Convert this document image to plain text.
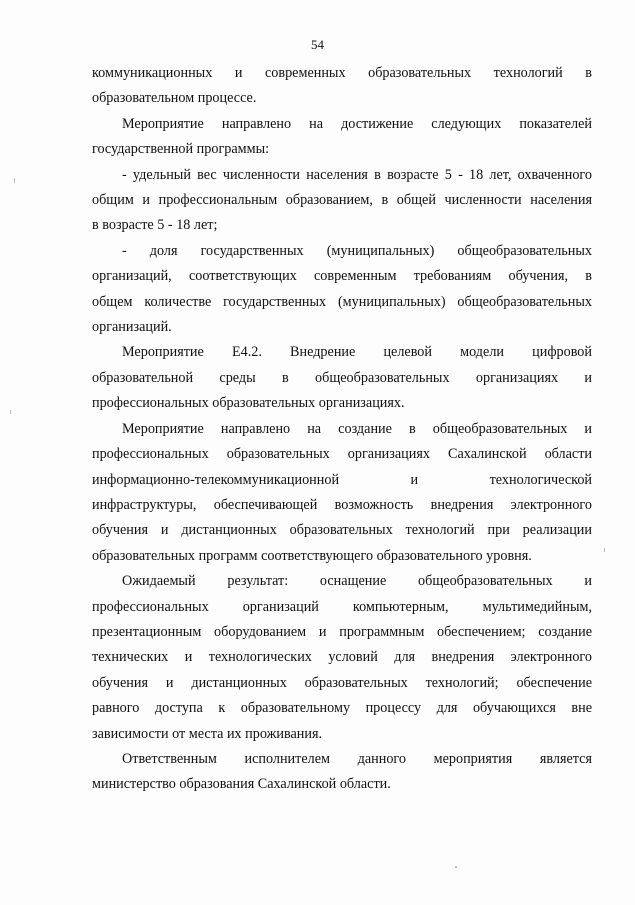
54

коммуникационных и современных образовательных технологий в
образовательном процессе.

Мероприятие направлено на достижение следующих показателей
государственной программы:

- удельный вес численности населения в возрасте 5 - 18 лет, охваченного
общим и профессиональным образованием, в общей численности населения
в возрасте 5 - 18 лет;

- доля государственных (муниципальных) общеобразовательных
организаций, соответствующих современным требованиям обучения, в
общем количестве государственных (муниципальных) общеобразовательных
организаций.

Мероприятие Е4.2. Внедрение целевой модели цифровой
образовательной среды в общеобразовательных организациях и
профессиональных образовательных организациях.

Мероприятие направлено на создание в общеобразовательных и
профессиональных образовательных организациях Сахалинской области
информационно-телекоммуникационной и технологической
инфраструктуры, обеспечивающей возможность внедрения электронного
обучения и дистанционных образовательных технологий при реализации
образовательных программ соответствующего образовательного уровня.

Ожидаемый результат: оснащение общеобразовательных и
профессиональных организаций компьютерным, мультимедийным,
презентационным оборудованием и программным обеспечением; создание
технических и технологических условий для внедрения электронного
обучения и дистанционных образовательных технологий; обеспечение
равного доступа к образовательному процессу для обучающихся вне
зависимости от места их проживания.

Ответственным исполнителем данного мероприятия является
министерство образования Сахалинской области.
